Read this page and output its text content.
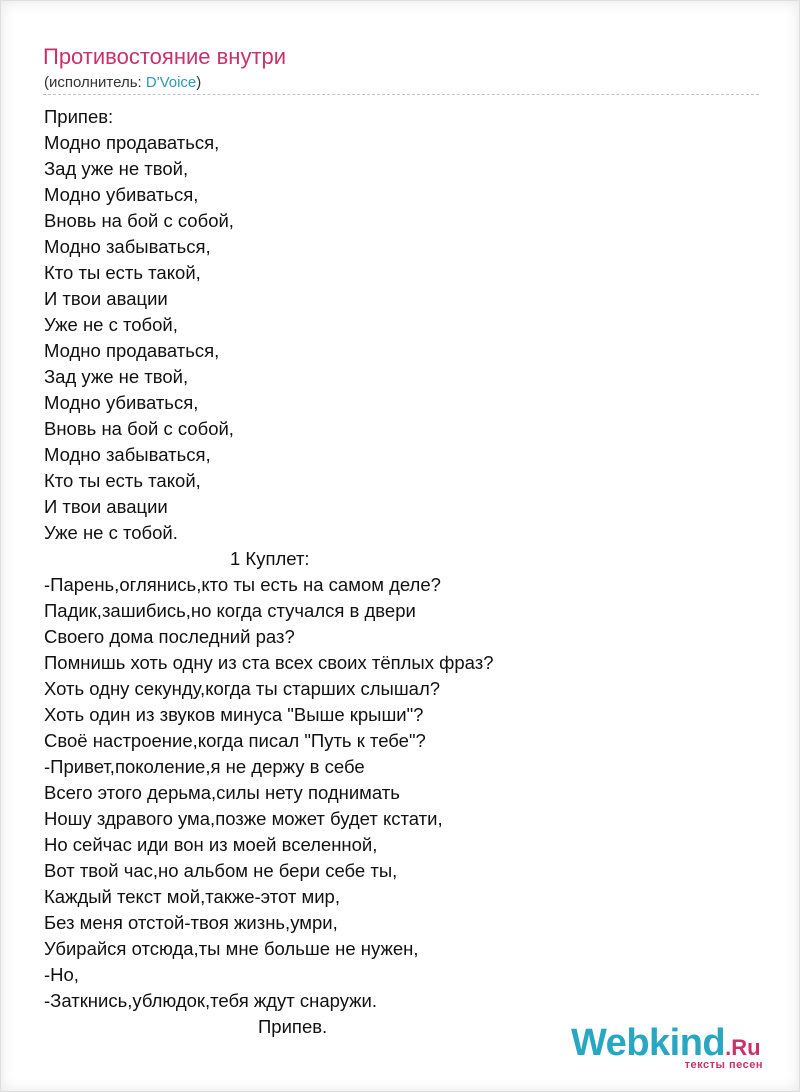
Противостояние внутри
(исполнитель: D'Voice)
Припев:
Модно продаваться,
Зад уже не твой,
Модно убиваться,
Вновь на бой с собой,
Модно забываться,
Кто ты есть такой,
И твои авации
Уже не с тобой,
Модно продаваться,
Зад уже не твой,
Модно убиваться,
Вновь на бой с собой,
Модно забываться,
Кто ты есть такой,
И твои авации
Уже не с тобой.
1 Куплет:
-Парень,оглянись,кто ты есть на самом деле?
Падик,зашибись,но когда стучался в двери
Своего дома последний раз?
Помнишь хоть одну из ста всех своих тёплых фраз?
Хоть одну секунду,когда ты старших слышал?
Хоть один из звуков минуса "Выше крыши"?
Своё настроение,когда писал "Путь к тебе"?
-Привет,поколение,я не держу в себе
Всего этого дерьма,силы нету поднимать
Ношу здравого ума,позже может будет кстати,
Но сейчас иди вон из моей вселенной,
Вот твой час,но альбом не бери себе ты,
Каждый текст мой,также-этот мир,
Без меня отстой-твоя жизнь,умри,
Убирайся отсюда,ты мне больше не нужен,
-Но,
-Заткнись,ублюдок,тебя ждут снаружи.
Припев.	Webkind.Ru
тексты песен
